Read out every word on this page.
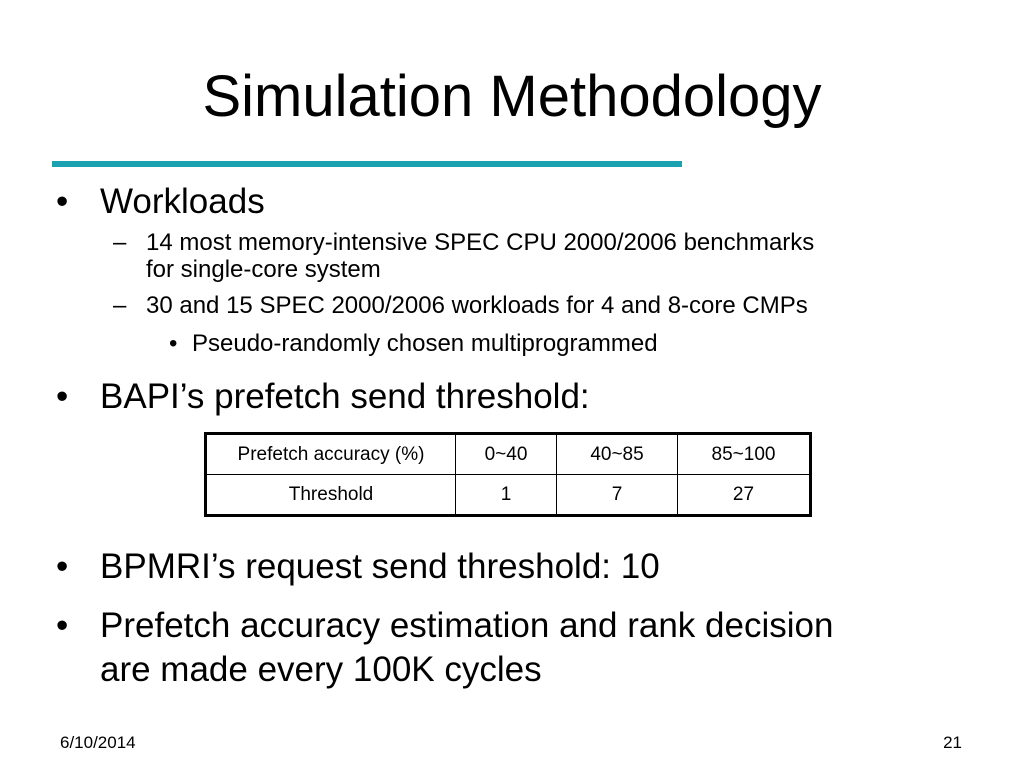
Simulation Methodology
• Workloads
– 14 most memory-intensive SPEC CPU 2000/2006 benchmarks
for single-core system
– 30 and 15 SPEC 2000/2006 workloads for 4 and 8-core CMPs
• Pseudo-randomly chosen multiprogrammed
• BAPI’s prefetch send threshold:
Prefetch accuracy (%)	0~40	40~85	85~100
Threshold	1	7	27
• BPMRI’s request send threshold: 10
• Prefetch accuracy estimation and rank decision
are made every 100K cycles
6/10/2014	21
